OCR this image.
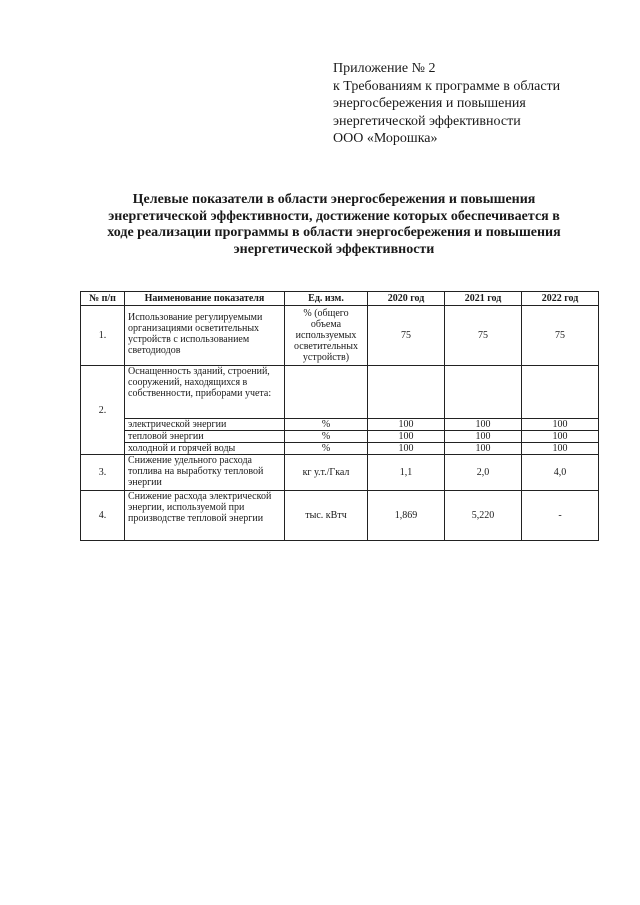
Приложение № 2
к Требованиям к программе в области
энергосбережения и повышения
энергетической эффективности
ООО «Морошка»
Целевые показатели в области энергосбережения и повышения
энергетической эффективности, достижение которых обеспечивается в
ходе реализации программы в области энергосбережения и повышения
энергетической эффективности
№ п/п	Наименование показателя	Ед. изм.	2020 год	2021 год	2022 год
1.	Использование регулируемыми организациями осветительных устройств с использованием светодиодов	% (общего объема используемых осветительных устройств)	75	75	75
2.	Оснащенность зданий, строений, сооружений, находящихся в собственности, приборами учета:				
	электрической энергии	%	100	100	100
	тепловой энергии	%	100	100	100
	холодной и горячей воды	%	100	100	100
3.	Снижение удельного расхода топлива на выработку тепловой энергии	кг у.т./Гкал	1,1	2,0	4,0
4.	Снижение расхода электрической энергии, используемой при производстве тепловой энергии	тыс. кВтч	1,869	5,220	-
